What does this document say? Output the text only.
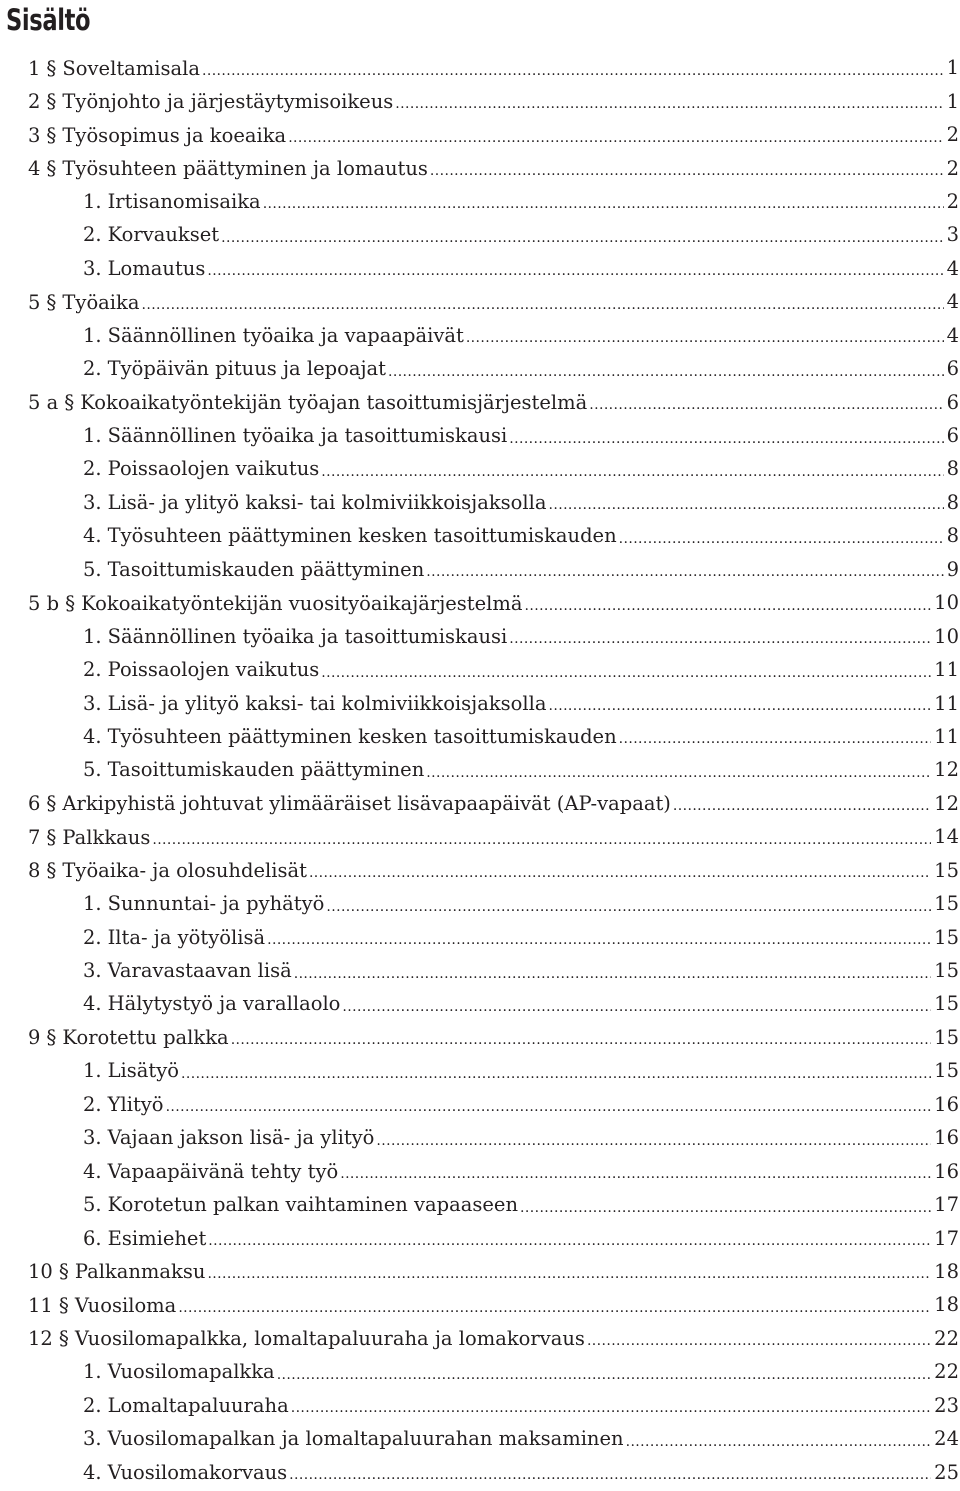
Sisältö
1 § Soveltamisala .....	1
2 § Työnjohto ja järjestäytymisoikeus .....	1
3 § Työsopimus ja koeaika .....	2
4 § Työsuhteen päättyminen ja lomautus .....	2
1. Irtisanomisaika .....	2
2. Korvaukset .....	3
3. Lomautus .....	4
5 § Työaika .....	4
1. Säännöllinen työaika ja vapaapäivät .....	4
2. Työpäivän pituus ja lepoajat .....	6
5 a § Kokoaikatyöntekijän työajan tasoittumisjärjestelmä .....	6
1. Säännöllinen työaika ja tasoittumiskausi .....	6
2. Poissaolojen vaikutus .....	8
3. Lisä- ja ylityö kaksi- tai kolmiviikkoisjaksolla .....	8
4. Työsuhteen päättyminen kesken tasoittumiskauden .....	8
5. Tasoittumiskauden päättyminen .....	9
5 b § Kokoaikatyöntekijän vuosityöaikajärjestelmä .....	10
1. Säännöllinen työaika ja tasoittumiskausi .....	10
2. Poissaolojen vaikutus .....	11
3. Lisä- ja ylityö kaksi- tai kolmiviikkoisjaksolla .....	11
4. Työsuhteen päättyminen kesken tasoittumiskauden .....	11
5. Tasoittumiskauden päättyminen .....	12
6 § Arkipyhistä johtuvat ylimääräiset lisävapaapäivät (AP-vapaat) .....	12
7 § Palkkaus .....	14
8 § Työaika- ja olosuhdelisät .....	15
1. Sunnuntai- ja pyhätyö .....	15
2. Ilta- ja yötyölisä .....	15
3. Varavastaavan lisä .....	15
4. Hälytystyö ja varallaolo .....	15
9 § Korotettu palkka .....	15
1. Lisätyö .....	15
2. Ylityö .....	16
3. Vajaan jakson lisä- ja ylityö .....	16
4. Vapaapäivänä tehty työ .....	16
5. Korotetun palkan vaihtaminen vapaaseen .....	17
6. Esimiehet .....	17
10 § Palkanmaksu .....	18
11 § Vuosiloma .....	18
12 § Vuosilomapalkka, lomaltapaluuraha ja lomakorvaus .....	22
1. Vuosilomapalkka .....	22
2. Lomaltapaluuraha .....	23
3. Vuosilomapalkan ja lomaltapaluurahan maksaminen .....	24
4. Vuosilomakorvaus .....	25
